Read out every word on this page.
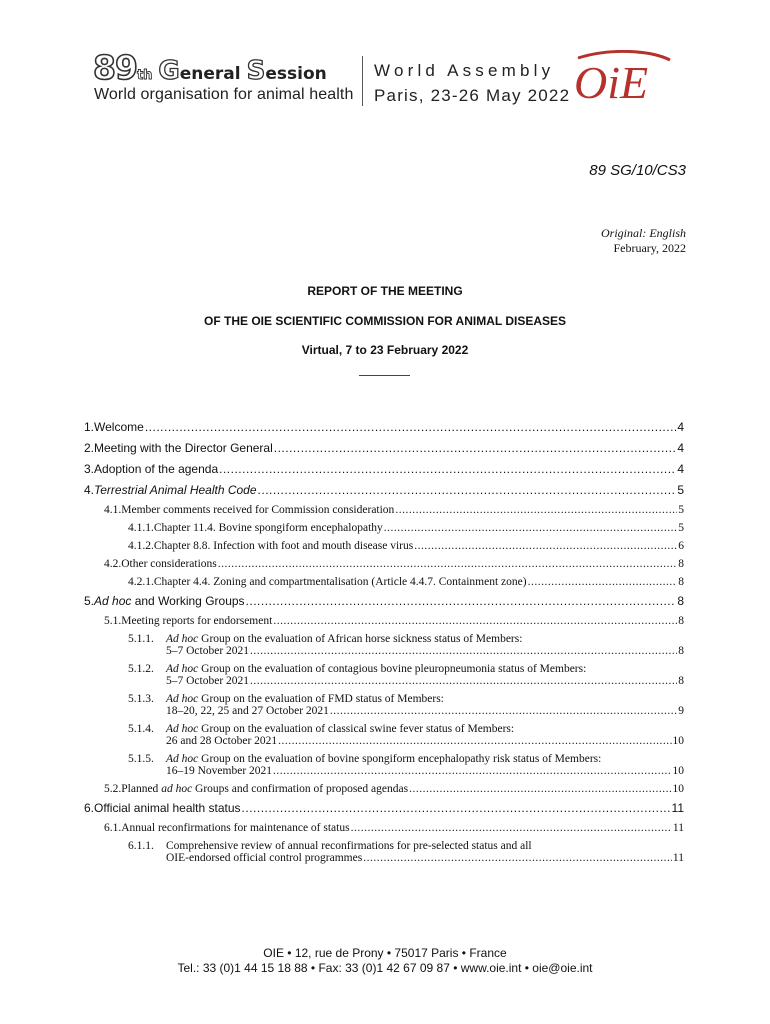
89th General Session
World organisation for animal health
World Assembly
Paris, 23-26 May 2022 OiE
89 SG/10/CS3
Original: English
February, 2022
REPORT OF THE MEETING
OF THE OIE SCIENTIFIC COMMISSION FOR ANIMAL DISEASES
Virtual, 7 to 23 February 2022
1. Welcome .....	4
2. Meeting with the Director General .....	4
3. Adoption of the agenda .....	4
4. Terrestrial Animal Health Code .....	5
4.1. Member comments received for Commission consideration .....	5
4.1.1. Chapter 11.4. Bovine spongiform encephalopathy .....	5
4.1.2. Chapter 8.8. Infection with foot and mouth disease virus .....	6
4.2. Other considerations .....	8
4.2.1. Chapter 4.4. Zoning and compartmentalisation (Article 4.4.7. Containment zone) .....	8
5. Ad hoc and Working Groups .....	8
5.1. Meeting reports for endorsement .....	8
5.1.1. Ad hoc Group on the evaluation of African horse sickness status of Members:
5–7 October 2021 .....	8
5.1.2. Ad hoc Group on the evaluation of contagious bovine pleuropneumonia status of Members:
5–7 October 2021 .....	8
5.1.3. Ad hoc Group on the evaluation of FMD status of Members:
18–20, 22, 25 and 27 October 2021 .....	9
5.1.4. Ad hoc Group on the evaluation of classical swine fever status of Members:
26 and 28 October 2021 .....	10
5.1.5. Ad hoc Group on the evaluation of bovine spongiform encephalopathy risk status of Members:
16–19 November 2021 .....	10
5.2. Planned ad hoc Groups and confirmation of proposed agendas .....	10
6. Official animal health status .....	11
6.1. Annual reconfirmations for maintenance of status .....	11
6.1.1. Comprehensive review of annual reconfirmations for pre-selected status and all
OIE-endorsed official control programmes .....	11
OIE • 12, rue de Prony • 75017 Paris • France
Tel.: 33 (0)1 44 15 18 88 • Fax: 33 (0)1 42 67 09 87 • www.oie.int • oie@oie.int
